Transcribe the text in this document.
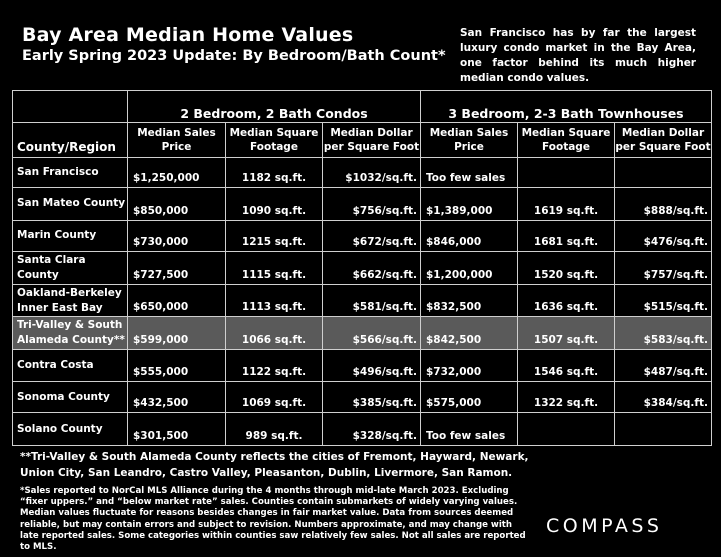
Bay Area Median Home Values
Early Spring 2023 Update: By Bedroom/Bath Count*
San Francisco has by far the largest luxury condo market in the Bay Area, one factor behind its much higher median condo values.
	2 Bedroom, 2 Bath Condos			3 Bedroom, 2-3 Bath Townhouses		
County/Region	Median Sales Price	Median Square Footage	Median Dollar per Square Foot	Median Sales Price	Median Square Footage	Median Dollar per Square Foot
San Francisco	$1,250,000	1182 sq.ft.	$1032/sq.ft.	Too few sales		
San Mateo County	$850,000	1090 sq.ft.	$756/sq.ft.	$1,389,000	1619 sq.ft.	$888/sq.ft.
Marin County	$730,000	1215 sq.ft.	$672/sq.ft.	$846,000	1681 sq.ft.	$476/sq.ft.
Santa Clara County	$727,500	1115 sq.ft.	$662/sq.ft.	$1,200,000	1520 sq.ft.	$757/sq.ft.
Oakland-Berkeley Inner East Bay	$650,000	1113 sq.ft.	$581/sq.ft.	$832,500	1636 sq.ft.	$515/sq.ft.
Tri-Valley & South Alameda County**	$599,000	1066 sq.ft.	$566/sq.ft.	$842,500	1507 sq.ft.	$583/sq.ft.
Contra Costa	$555,000	1122 sq.ft.	$496/sq.ft.	$732,000	1546 sq.ft.	$487/sq.ft.
Sonoma County	$432,500	1069 sq.ft.	$385/sq.ft.	$575,000	1322 sq.ft.	$384/sq.ft.
Solano County	$301,500	989 sq.ft.	$328/sq.ft.	Too few sales		
**Tri-Valley & South Alameda County reflects the cities of Fremont, Hayward, Newark, Union City, San Leandro, Castro Valley, Pleasanton, Dublin, Livermore, San Ramon.
*Sales reported to NorCal MLS Alliance during the 4 months through mid-late March 2023. Excluding “fixer uppers.” and “below market rate” sales. Counties contain submarkets of widely varying values. Median values fluctuate for reasons besides changes in fair market value. Data from sources deemed reliable, but may contain errors and subject to revision. Numbers approximate, and may change with late reported sales. Some categories within counties saw relatively few sales. Not all sales are reported to MLS.
COMPASS
